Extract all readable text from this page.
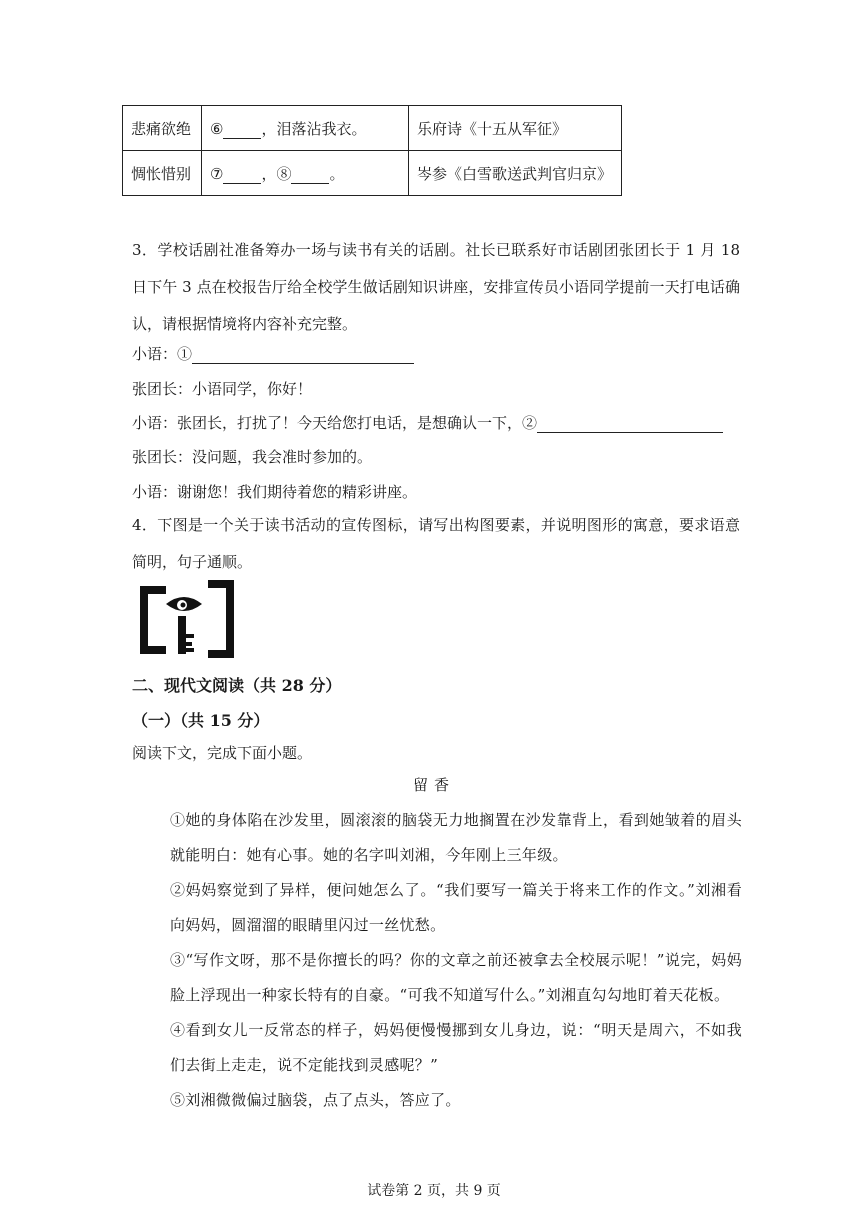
悲痛欲绝	⑥ ，泪落沾我衣。	乐府诗《十五从军征》
惆怅惜别	⑦ ，⑧ 。	岑参《白雪歌送武判官归京》
3．学校话剧社准备筹办一场与读书有关的话剧。社长已联系好市话剧团张团长于 1 月 18 日下午 3 点在校报告厅给全校学生做话剧知识讲座，安排宣传员小语同学提前一天打电话确认，请根据情境将内容补充完整。
小语：①
张团长：小语同学，你好！
小语：张团长，打扰了！今天给您打电话，是想确认一下，②
张团长：没问题，我会准时参加的。
小语：谢谢您！我们期待着您的精彩讲座。
4．下图是一个关于读书活动的宣传图标，请写出构图要素，并说明图形的寓意，要求语意简明，句子通顺。
二、现代文阅读（共 28 分）
（一）（共 15 分）
阅读下文，完成下面小题。
留香
①她的身体陷在沙发里，圆滚滚的脑袋无力地搁置在沙发靠背上，看到她皱着的眉头就能明白：她有心事。她的名字叫刘湘，今年刚上三年级。
②妈妈察觉到了异样，便问她怎么了。“我们要写一篇关于将来工作的作文。”刘湘看向妈妈，圆溜溜的眼睛里闪过一丝忧愁。
③“写作文呀，那不是你擅长的吗？你的文章之前还被拿去全校展示呢！”说完，妈妈脸上浮现出一种家长特有的自豪。“可我不知道写什么。”刘湘直勾勾地盯着天花板。
④看到女儿一反常态的样子，妈妈便慢慢挪到女儿身边，说：“明天是周六，不如我们去街上走走，说不定能找到灵感呢？”
⑤刘湘微微偏过脑袋，点了点头，答应了。
试卷第 2 页，共 9 页
